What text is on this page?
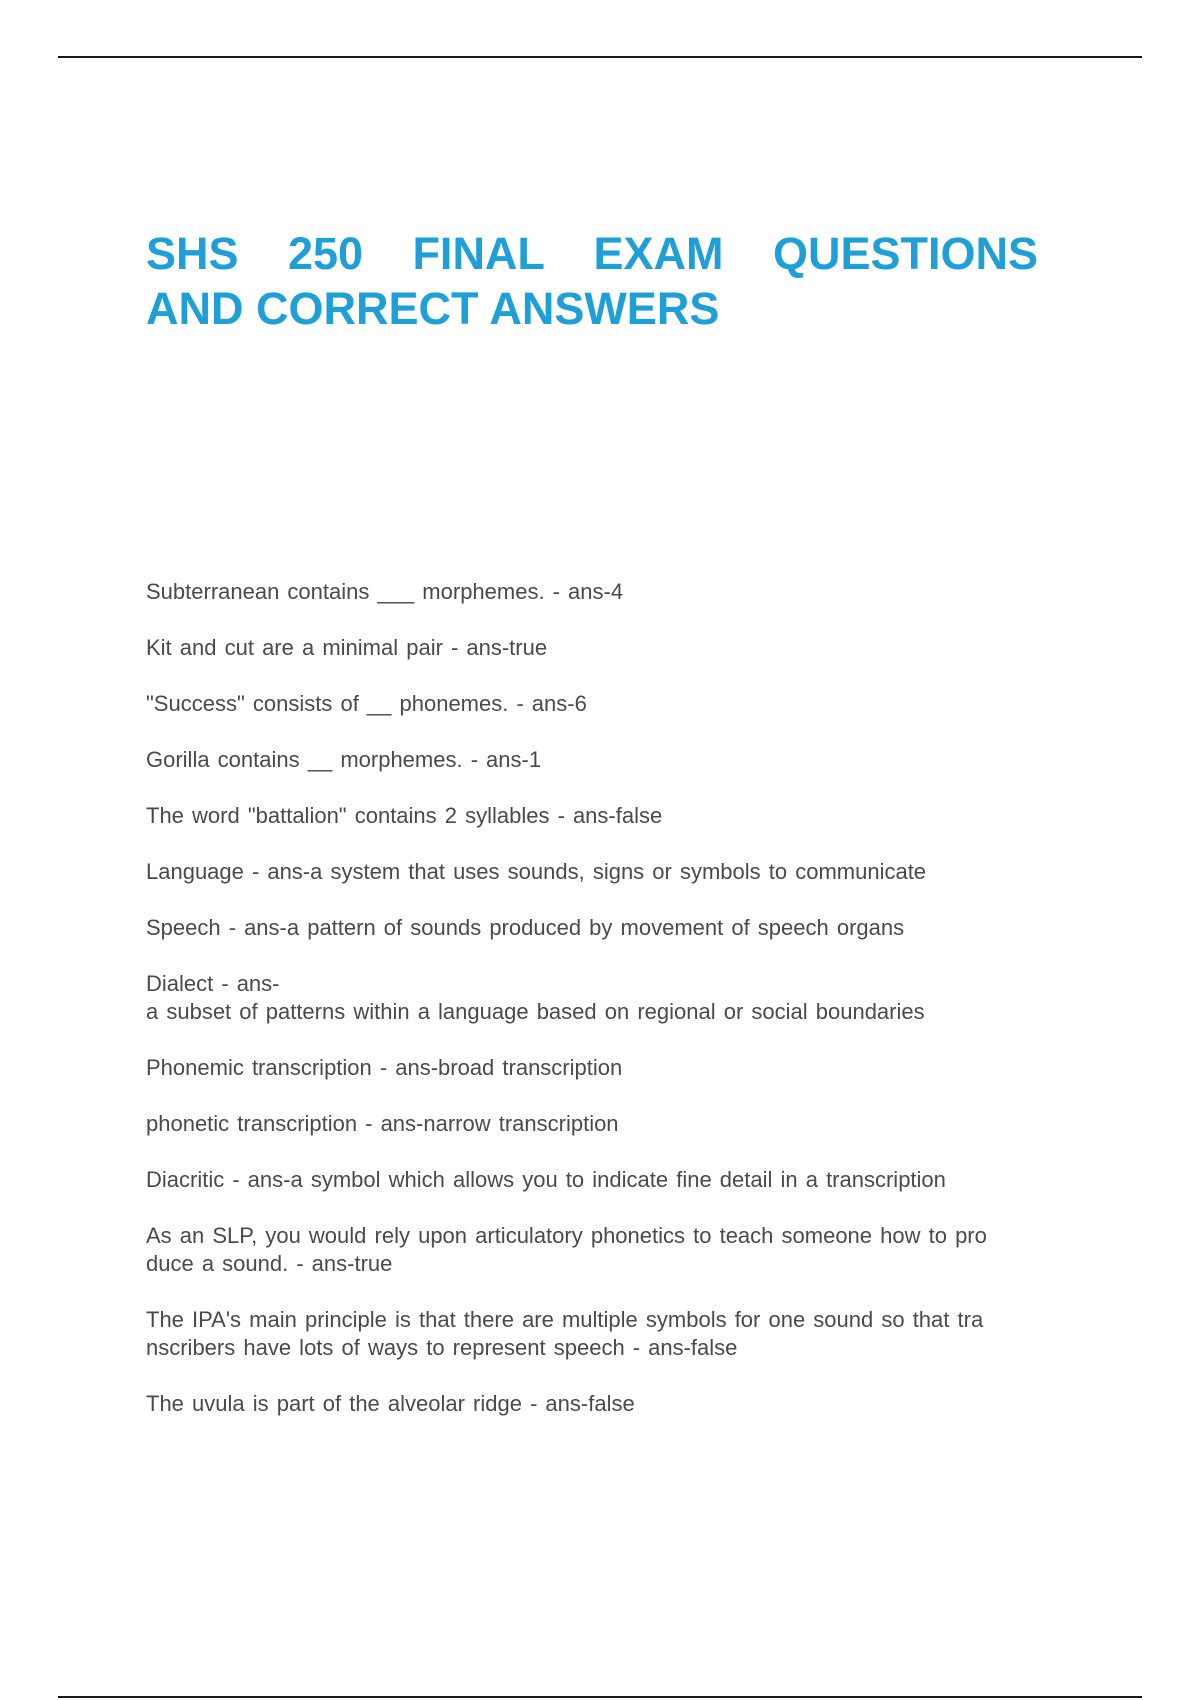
SHS 250 FINAL EXAM QUESTIONS
AND CORRECT ANSWERS
Subterranean contains ___ morphemes. - ans-4
Kit and cut are a minimal pair - ans-true
"Success" consists of __ phonemes. - ans-6
Gorilla contains __ morphemes. - ans-1
The word "battalion" contains 2 syllables - ans-false
Language - ans-a system that uses sounds, signs or symbols to communicate
Speech - ans-a pattern of sounds produced by movement of speech organs
Dialect - ans-
a subset of patterns within a language based on regional or social boundaries
Phonemic transcription - ans-broad transcription
phonetic transcription - ans-narrow transcription
Diacritic - ans-a symbol which allows you to indicate fine detail in a transcription
As an SLP, you would rely upon articulatory phonetics to teach someone how to pro
duce a sound. - ans-true
The IPA's main principle is that there are multiple symbols for one sound so that tra
nscribers have lots of ways to represent speech - ans-false
The uvula is part of the alveolar ridge - ans-false
